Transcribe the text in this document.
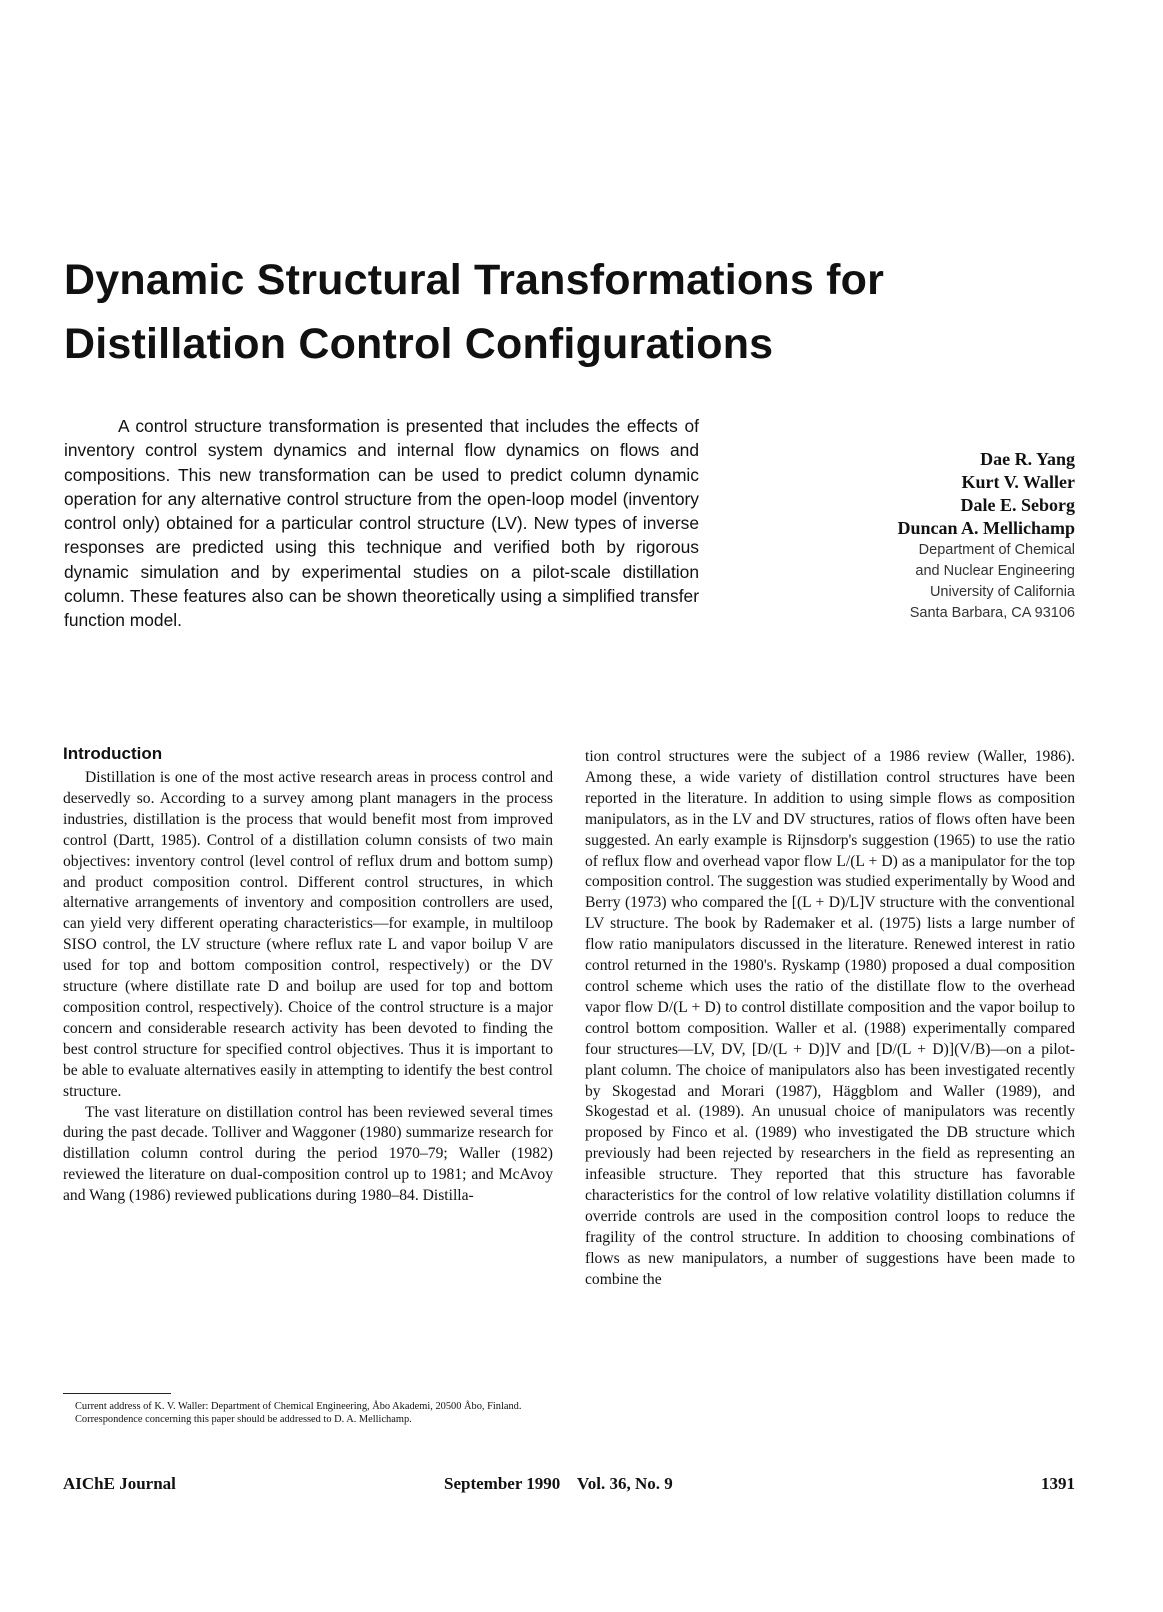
Dynamic Structural Transformations for
Distillation Control Configurations

A control structure transformation is presented that includes the effects of inventory control system dynamics and internal flow dynamics on flows and compositions. This new transformation can be used to predict column dynamic operation for any alternative control structure from the open-loop model (inventory control only) obtained for a particular control structure (LV). New types of inverse responses are predicted using this technique and verified both by rigorous dynamic simulation and by experimental studies on a pilot-scale distillation column. These features also can be shown theoretically using a simplified transfer function model.

Dae R. Yang
Kurt V. Waller
Dale E. Seborg
Duncan A. Mellichamp
Department of Chemical
and Nuclear Engineering
University of California
Santa Barbara, CA 93106
Introduction

Distillation is one of the most active research areas in process control and deservedly so. According to a survey among plant managers in the process industries, distillation is the process that would benefit most from improved control (Dartt, 1985). Control of a distillation column consists of two main objectives: inventory control (level control of reflux drum and bottom sump) and product composition control. Different control structures, in which alternative arrangements of inventory and composition controllers are used, can yield very different operating characteristics—for example, in multiloop SISO control, the LV structure (where reflux rate L and vapor boilup V are used for top and bottom composition control, respectively) or the DV structure (where distillate rate D and boilup are used for top and bottom composition control, respectively). Choice of the control structure is a major concern and considerable research activity has been devoted to finding the best control structure for specified control objectives. Thus it is important to be able to evaluate alternatives easily in attempting to identify the best control structure.

The vast literature on distillation control has been reviewed several times during the past decade. Tolliver and Waggoner (1980) summarize research for distillation column control during the period 1970–79; Waller (1982) reviewed the literature on dual-composition control up to 1981; and McAvoy and Wang (1986) reviewed publications during 1980–84. Distilla-

tion control structures were the subject of a 1986 review (Waller, 1986). Among these, a wide variety of distillation control structures have been reported in the literature. In addition to using simple flows as composition manipulators, as in the LV and DV structures, ratios of flows often have been suggested. An early example is Rijnsdorp's suggestion (1965) to use the ratio of reflux flow and overhead vapor flow L/(L + D) as a manipulator for the top composition control. The suggestion was studied experimentally by Wood and Berry (1973) who compared the [(L + D)/L]V structure with the conventional LV structure. The book by Rademaker et al. (1975) lists a large number of flow ratio manipulators discussed in the literature. Renewed interest in ratio control returned in the 1980's. Ryskamp (1980) proposed a dual composition control scheme which uses the ratio of the distillate flow to the overhead vapor flow D/(L + D) to control distillate composition and the vapor boilup to control bottom composition. Waller et al. (1988) experimentally compared four structures—LV, DV, [D/(L + D)]V and [D/(L + D)](V/B)—on a pilot-plant column. The choice of manipulators also has been investigated recently by Skogestad and Morari (1987), Häggblom and Waller (1989), and Skogestad et al. (1989). An unusual choice of manipulators was recently proposed by Finco et al. (1989) who investigated the DB structure which previously had been rejected by researchers in the field as representing an infeasible structure. They reported that this structure has favorable characteristics for the control of low relative volatility distillation columns if override controls are used in the composition control loops to reduce the fragility of the control structure. In addition to choosing combinations of flows as new manipulators, a number of suggestions have been made to combine the

Current address of K. V. Waller: Department of Chemical Engineering, Åbo Akademi, 20500 Åbo, Finland.

Correspondence concerning this paper should be addressed to D. A. Mellichamp.

AIChE Journal	September 1990 Vol. 36, No. 9	1391
